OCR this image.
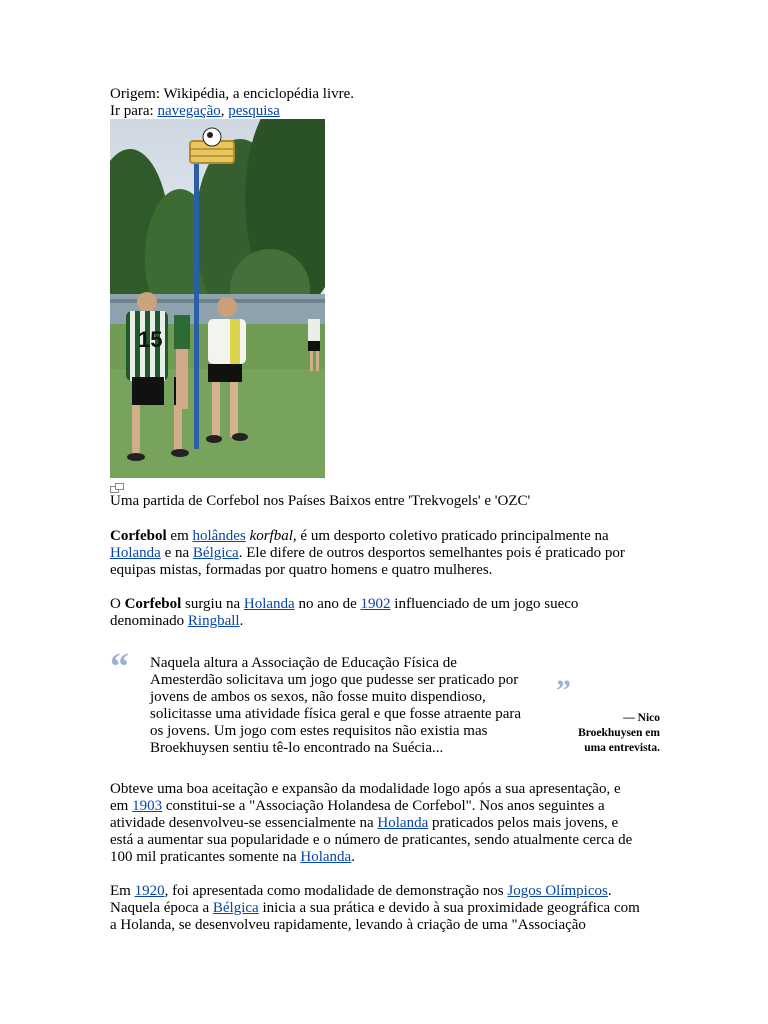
Origem: Wikipédia, a enciclopédia livre.
Ir para: navegação, pesquisa
15
Uma partida de Corfebol nos Países Baixos entre 'Trekvogels' e 'OZC'
Corfebol em holândes korfbal, é um desporto coletivo praticado principalmente na
Holanda e na Bélgica. Ele difere de outros desportos semelhantes pois é praticado por
equipas mistas, formadas por quatro homens e quatro mulheres.
O Corfebol surgiu na Holanda no ano de 1902 influenciado de um jogo sueco
denominado Ringball.
“ Naquela altura a Associação de Educação Física de
Amesterdão solicitava um jogo que pudesse ser praticado por
jovens de ambos os sexos, não fosse muito dispendioso,
solicitasse uma atividade física geral e que fosse atraente para
os jovens. Um jogo com estes requisitos não existia mas
Broekhuysen sentiu tê-lo encontrado na Suécia...
”
— Nico
Broekhuysen em
uma entrevista.
Obteve uma boa aceitação e expansão da modalidade logo após a sua apresentação, e
em 1903 constitui-se a "Associação Holandesa de Corfebol". Nos anos seguintes a
atividade desenvolveu-se essencialmente na Holanda praticados pelos mais jovens, e
está a aumentar sua popularidade e o número de praticantes, sendo atualmente cerca de
100 mil praticantes somente na Holanda.
Em 1920, foi apresentada como modalidade de demonstração nos Jogos Olímpicos.
Naquela época a Bélgica inicia a sua prática e devido à sua proximidade geográfica com
a Holanda, se desenvolveu rapidamente, levando à criação de uma "Associação
